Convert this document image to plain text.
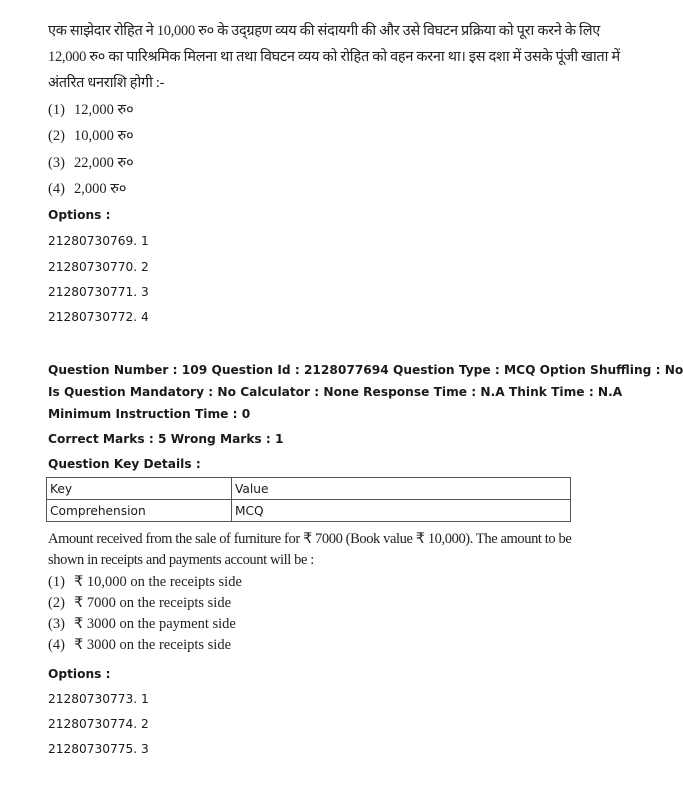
एक साझेदार रोहित ने 10,000 रु० के उद्ग्रहण व्यय की संदायगी की और उसे विघटन प्रक्रिया को पूरा करने के लिए
12,000 रु० का पारिश्रमिक मिलना था तथा विघटन व्यय को रोहित को वहन करना था। इस दशा में उसके पूंजी खाता में
अंतरित धनराशि होगी :-
(1) 12,000 रु०
(2) 10,000 रु०
(3) 22,000 रु०
(4) 2,000 रु०
Options :
21280730769. 1
21280730770. 2
21280730771. 3
21280730772. 4
Question Number : 109 Question Id : 2128077694 Question Type : MCQ Option Shuffling : No
Is Question Mandatory : No Calculator : None Response Time : N.A Think Time : N.A
Minimum Instruction Time : 0
Correct Marks : 5 Wrong Marks : 1
Question Key Details :
Key	Value
Comprehension	MCQ
Amount received from the sale of furniture for ₹ 7000 (Book value ₹ 10,000). The amount to be
shown in receipts and payments account will be :
(1) ₹ 10,000 on the receipts side
(2) ₹ 7000 on the receipts side
(3) ₹ 3000 on the payment side
(4) ₹ 3000 on the receipts side
Options :
21280730773. 1
21280730774. 2
21280730775. 3
